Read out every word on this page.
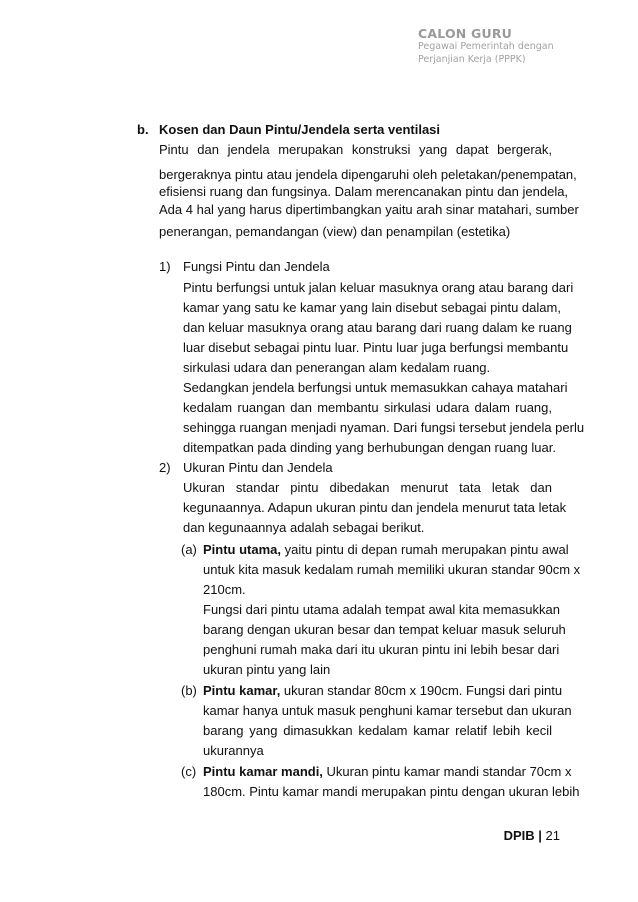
CALON GURU
Pegawai Pemerintah dengan
Perjanjian Kerja (PPPK)
b. Kosen dan Daun Pintu/Jendela serta ventilasi

Pintu dan jendela merupakan konstruksi yang dapat bergerak,

bergeraknya pintu atau jendela dipengaruhi oleh peletakan/penempatan,

efisiensi ruang dan fungsinya. Dalam merencanakan pintu dan jendela,

Ada 4 hal yang harus dipertimbangkan yaitu arah sinar matahari, sumber

penerangan, pemandangan (view) dan penampilan (estetika)

1) Fungsi Pintu dan Jendela

Pintu berfungsi untuk jalan keluar masuknya orang atau barang dari

kamar yang satu ke kamar yang lain disebut sebagai pintu dalam,

dan keluar masuknya orang atau barang dari ruang dalam ke ruang

luar disebut sebagai pintu luar. Pintu luar juga berfungsi membantu

sirkulasi udara dan penerangan alam kedalam ruang.

Sedangkan jendela berfungsi untuk memasukkan cahaya matahari

kedalam ruangan dan membantu sirkulasi udara dalam ruang,

sehingga ruangan menjadi nyaman. Dari fungsi tersebut jendela perlu

ditempatkan pada dinding yang berhubungan dengan ruang luar.

2) Ukuran Pintu dan Jendela

Ukuran standar pintu dibedakan menurut tata letak dan

kegunaannya. Adapun ukuran pintu dan jendela menurut tata letak

dan kegunaannya adalah sebagai berikut.

(a) Pintu utama, yaitu pintu di depan rumah merupakan pintu awal

untuk kita masuk kedalam rumah memiliki ukuran standar 90cm x

210cm.

Fungsi dari pintu utama adalah tempat awal kita memasukkan

barang dengan ukuran besar dan tempat keluar masuk seluruh

penghuni rumah maka dari itu ukuran pintu ini lebih besar dari

ukuran pintu yang lain

(b) Pintu kamar, ukuran standar 80cm x 190cm. Fungsi dari pintu

kamar hanya untuk masuk penghuni kamar tersebut dan ukuran

barang yang dimasukkan kedalam kamar relatif lebih kecil

ukurannya

(c) Pintu kamar mandi, Ukuran pintu kamar mandi standar 70cm x

180cm. Pintu kamar mandi merupakan pintu dengan ukuran lebih

DPIB | 21
